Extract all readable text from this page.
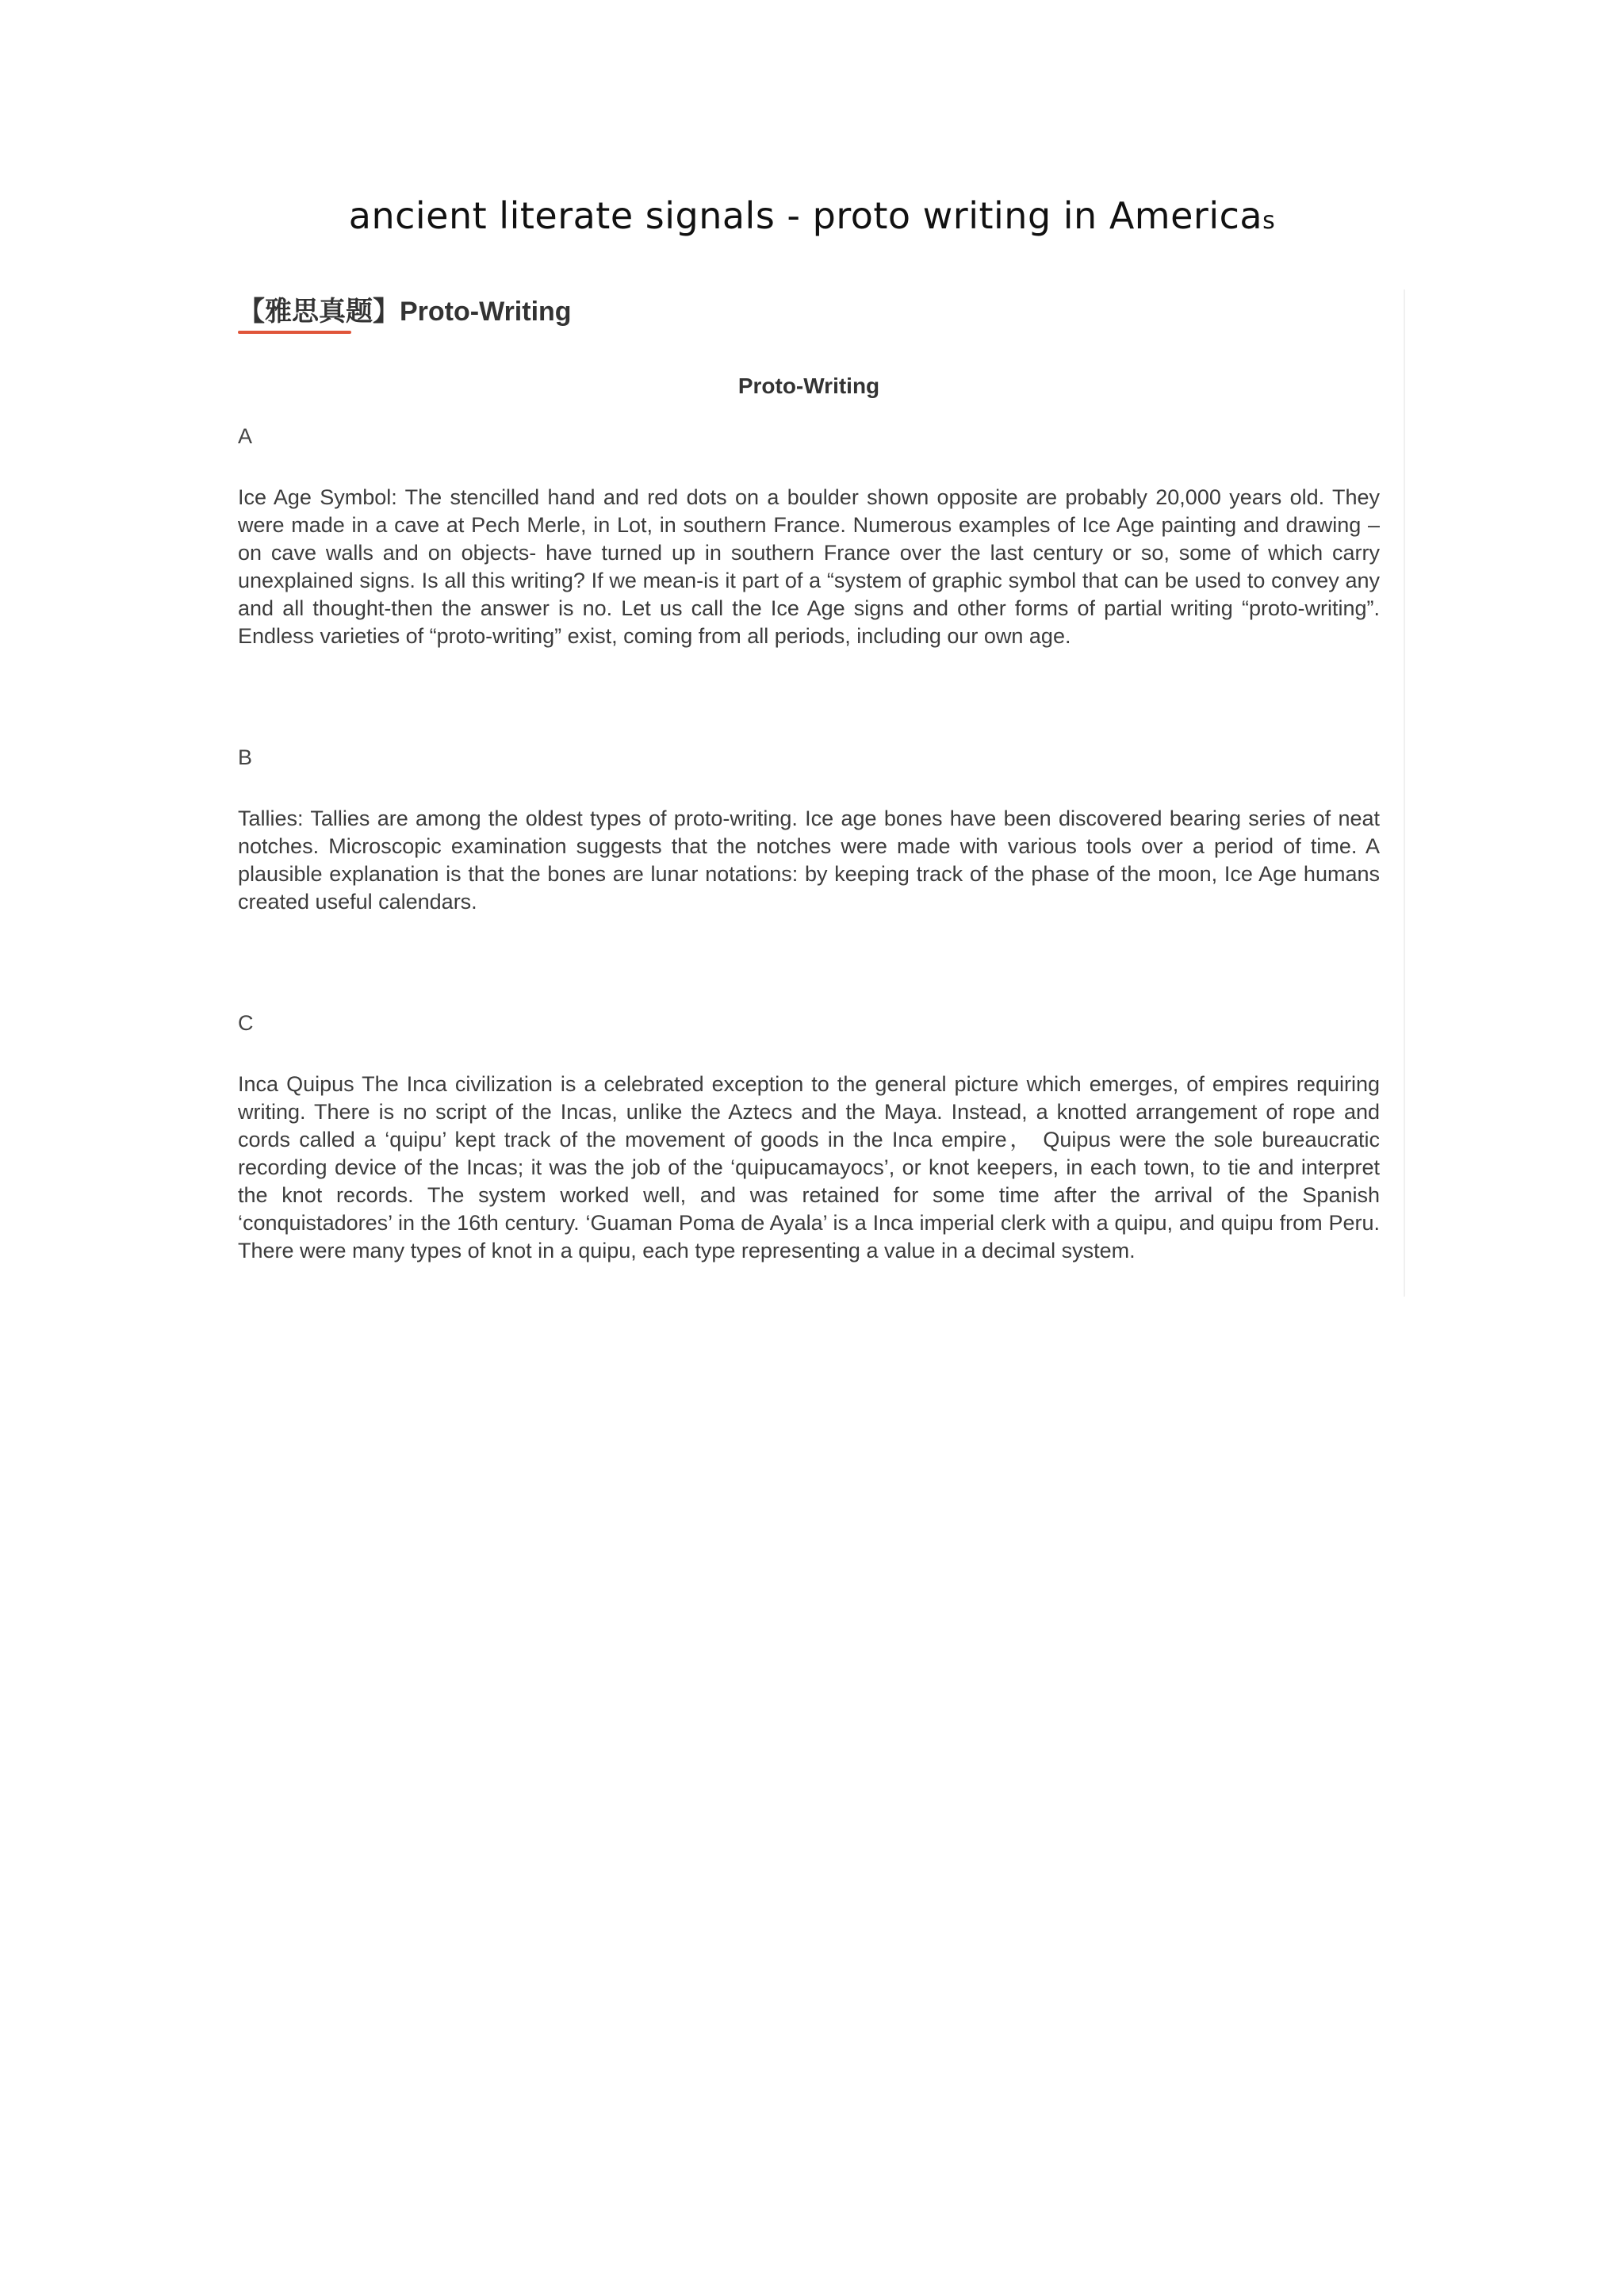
ancient literate signals - proto writing in Americas
【雅思真题】Proto-Writing
Proto-Writing
A
Ice Age Symbol: The stencilled hand and red dots on a boulder shown opposite are probably 20,000 years old. They were made in a cave at Pech Merle, in Lot, in southern France. Numerous examples of Ice Age painting and drawing – on cave walls and on objects- have turned up in southern France over the last century or so, some of which carry unexplained signs. Is all this writing? If we mean-is it part of a “system of graphic symbol that can be used to convey any and all thought-then the answer is no. Let us call the Ice Age signs and other forms of partial writing “proto-writing”. Endless varieties of “proto-writing” exist, coming from all periods, including our own age.
B
Tallies: Tallies are among the oldest types of proto-writing. Ice age bones have been discovered bearing series of neat notches. Microscopic examination suggests that the notches were made with various tools over a period of time. A plausible explanation is that the bones are lunar notations: by keeping track of the phase of the moon, Ice Age humans created useful calendars.
C
Inca Quipus The Inca civilization is a celebrated exception to the general picture which emerges, of empires requiring writing. There is no script of the Incas, unlike the Aztecs and the Maya. Instead, a knotted arrangement of rope and cords called a ‘quipu’ kept track of the movement of goods in the Inca empire， Quipus were the sole bureaucratic recording device of the Incas; it was the job of the ‘quipucamayocs’, or knot keepers, in each town, to tie and interpret the knot records. The system worked well, and was retained for some time after the arrival of the Spanish ‘conquistadores’ in the 16th century. ‘Guaman Poma de Ayala’ is a Inca imperial clerk with a quipu, and quipu from Peru. There were many types of knot in a quipu, each type representing a value in a decimal system.
